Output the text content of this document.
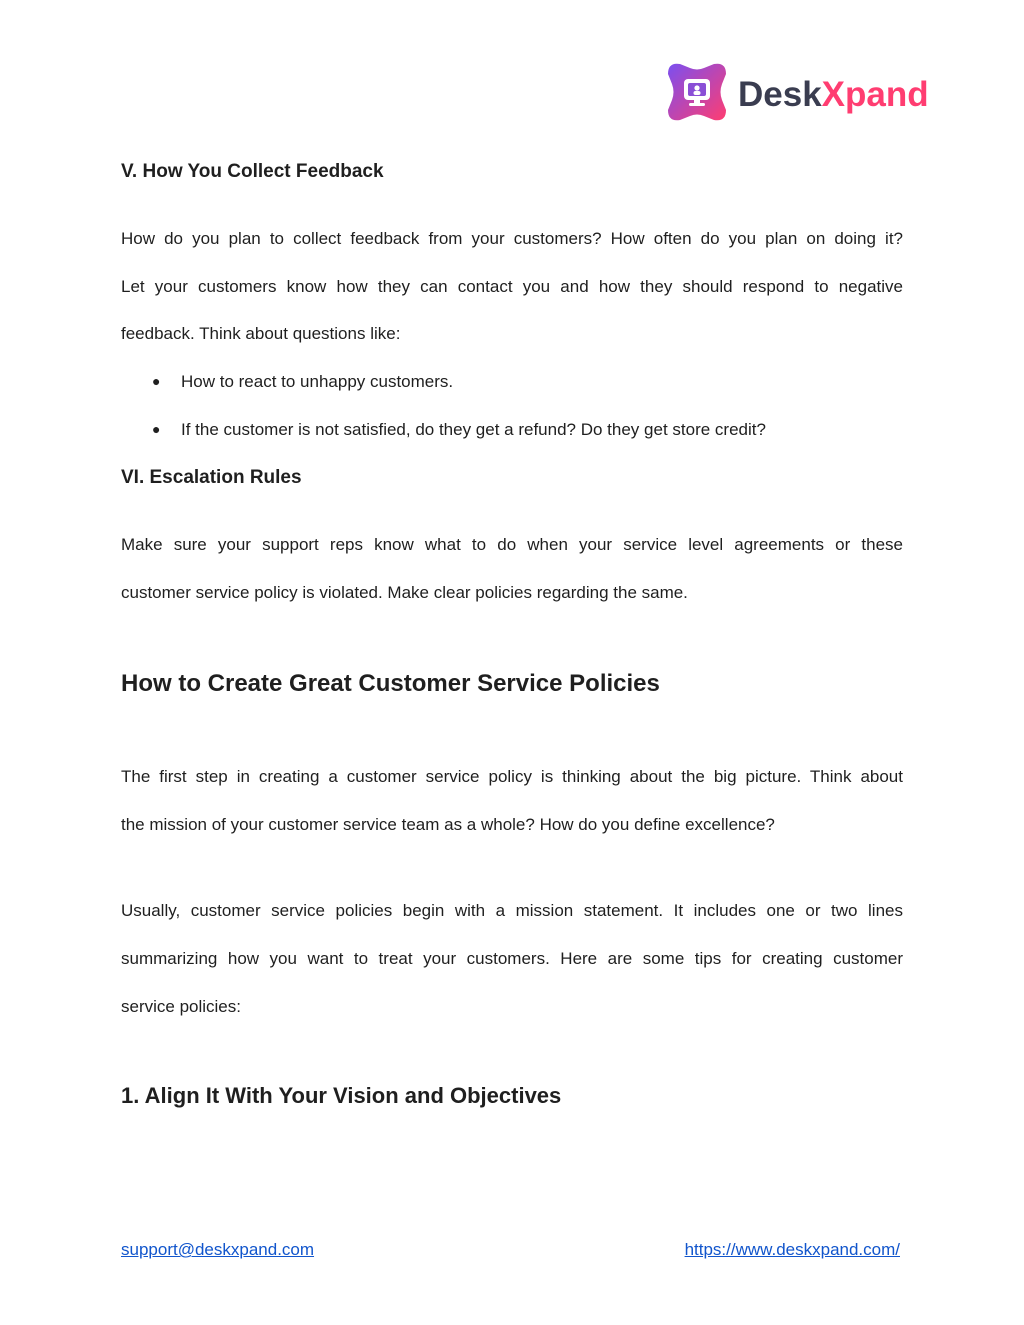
DeskXpand
V. How You Collect Feedback

How do you plan to collect feedback from your customers? How often do you plan on doing it?

Let your customers know how they can contact you and how they should respond to negative

feedback. Think about questions like:

● How to react to unhappy customers.

● If the customer is not satisfied, do they get a refund? Do they get store credit?

VI. Escalation Rules

Make sure your support reps know what to do when your service level agreements or these

customer service policy is violated. Make clear policies regarding the same.

How to Create Great Customer Service Policies

The first step in creating a customer service policy is thinking about the big picture. Think about

the mission of your customer service team as a whole? How do you define excellence?

Usually, customer service policies begin with a mission statement. It includes one or two lines

summarizing how you want to treat your customers. Here are some tips for creating customer

service policies:

1. Align It With Your Vision and Objectives
support@deskxpand.com	https://www.deskxpand.com/
